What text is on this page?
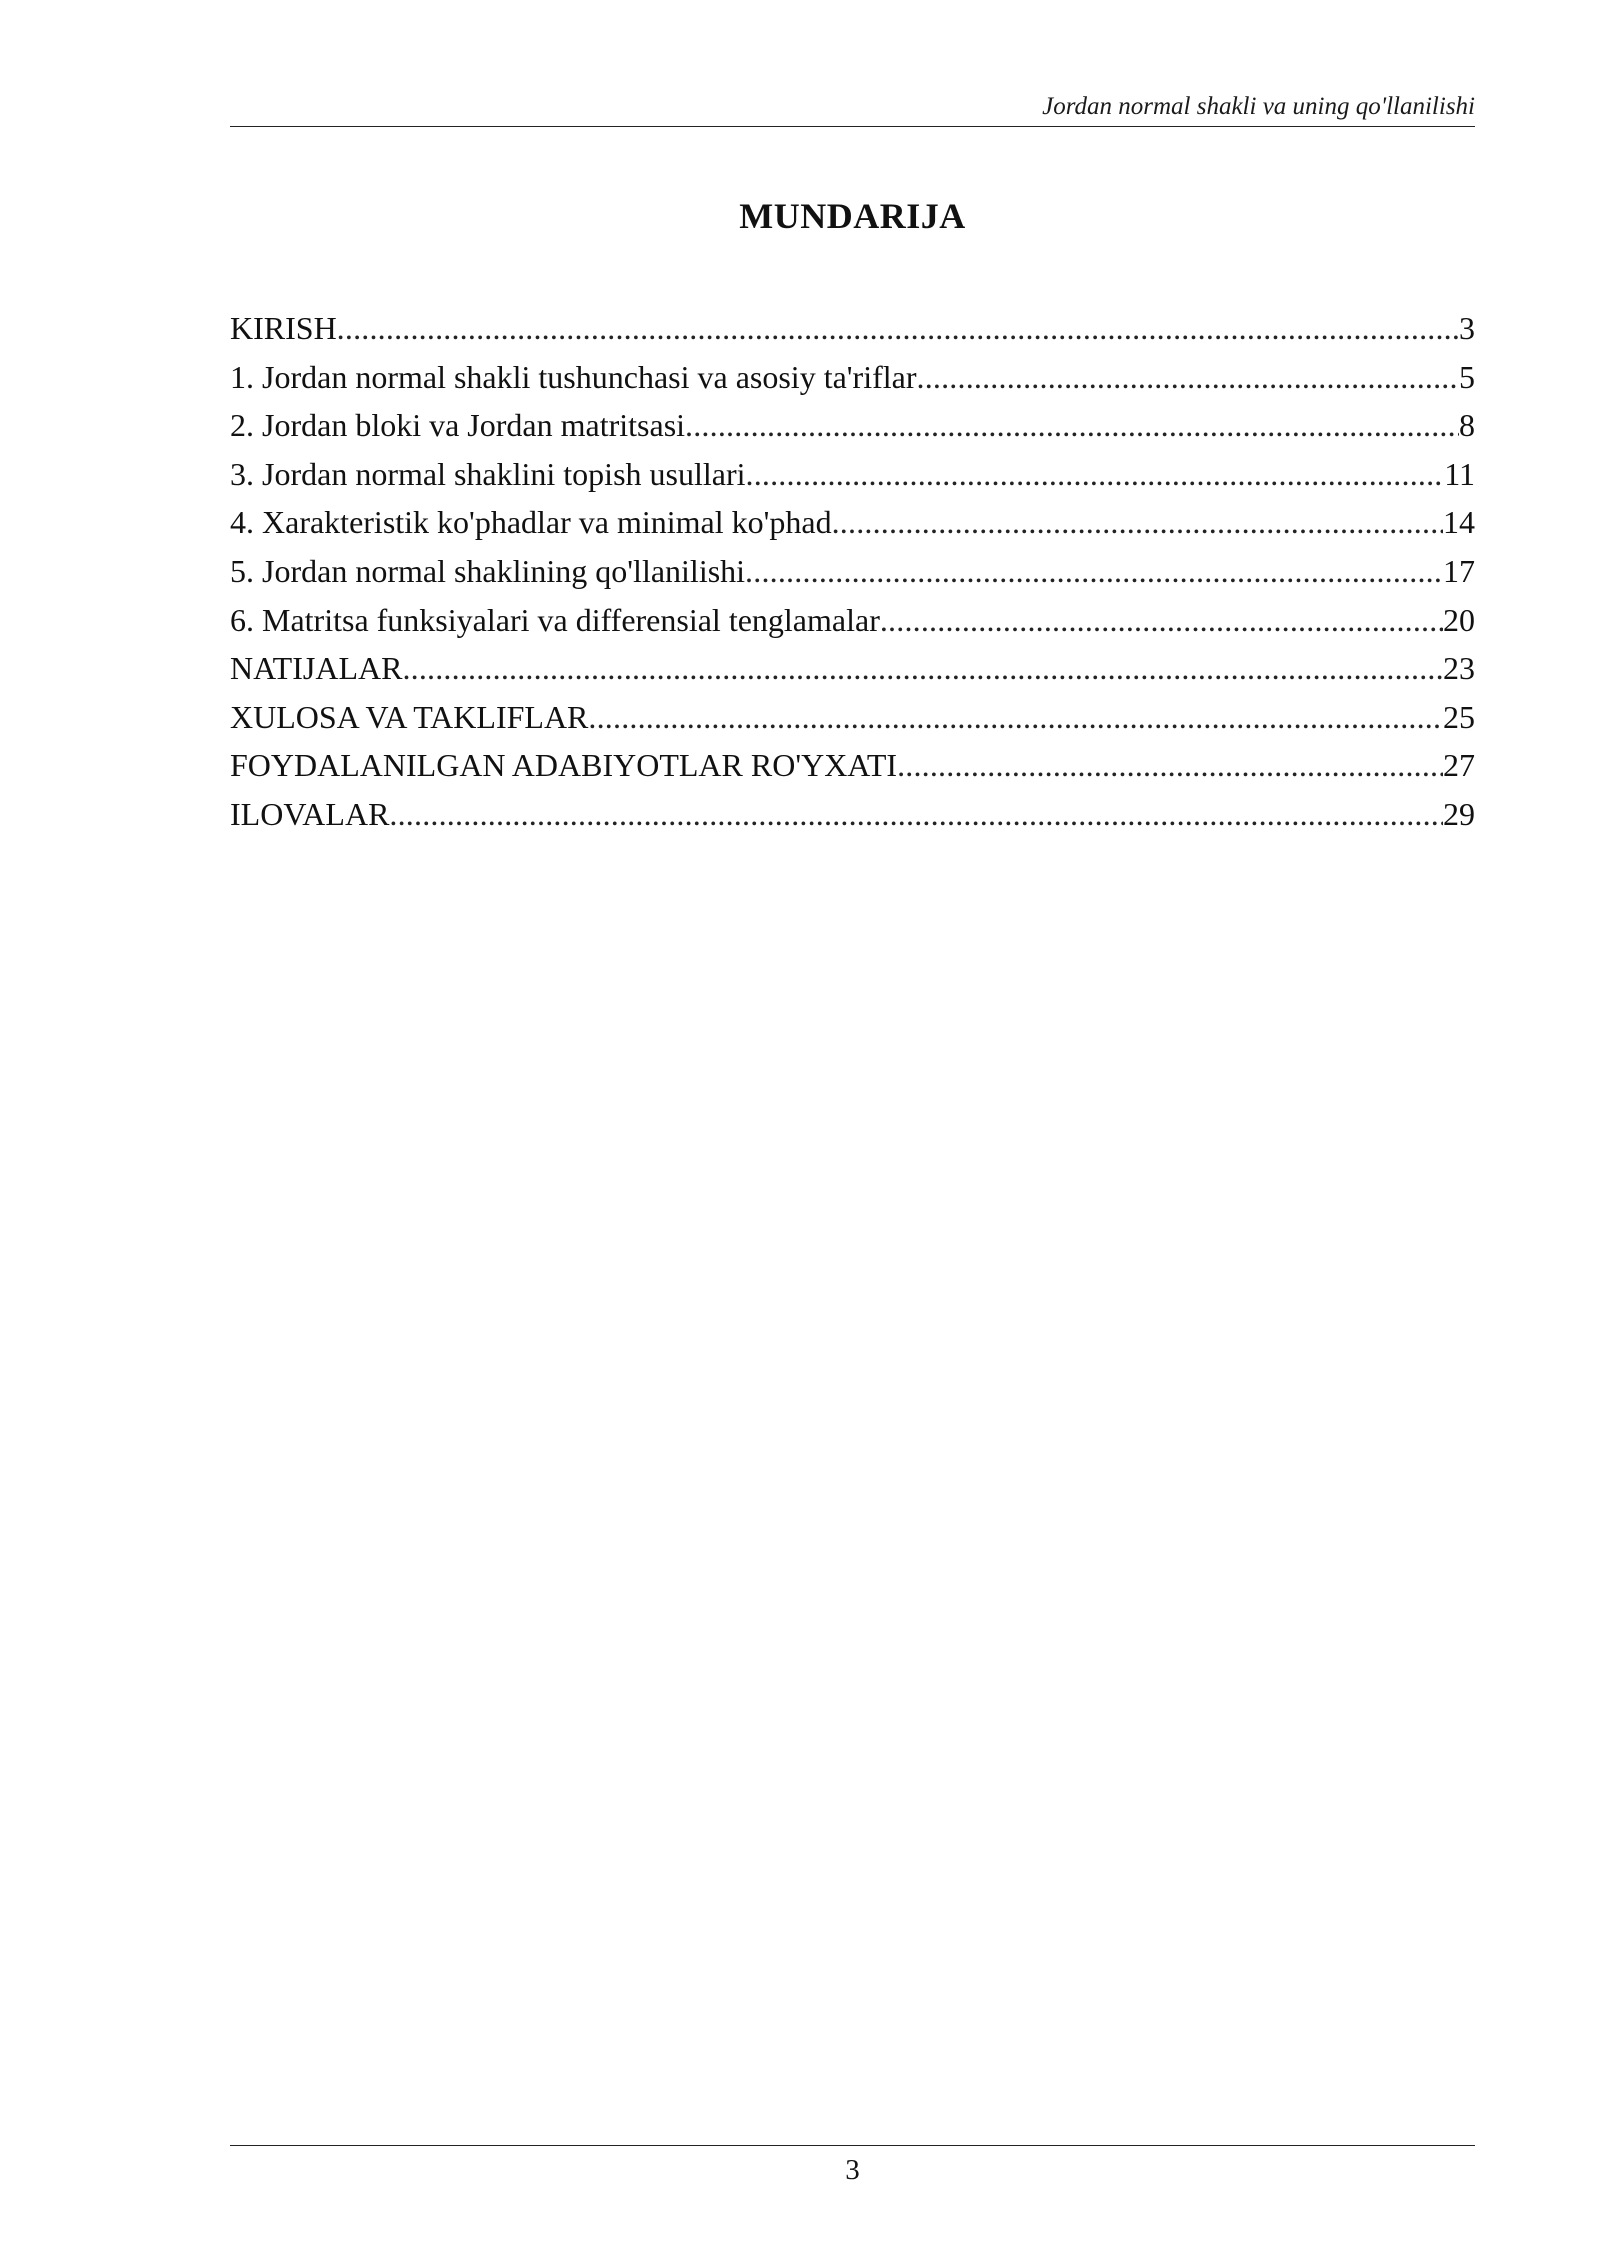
Jordan normal shakli va uning qo'llanilishi
MUNDARIJA
KIRISH .....	3
1. Jordan normal shakli tushunchasi va asosiy ta'riflar .....	5
2. Jordan bloki va Jordan matritsasi .....	8
3. Jordan normal shaklini topish usullari .....	11
4. Xarakteristik ko'phadlar va minimal ko'phad .....	14
5. Jordan normal shaklining qo'llanilishi .....	17
6. Matritsa funksiyalari va differensial tenglamalar .....	20
NATIJALAR .....	23
XULOSA VA TAKLIFLAR .....	25
FOYDALANILGAN ADABIYOTLAR RO'YXATI .....	27
ILOVALAR .....	29
3
